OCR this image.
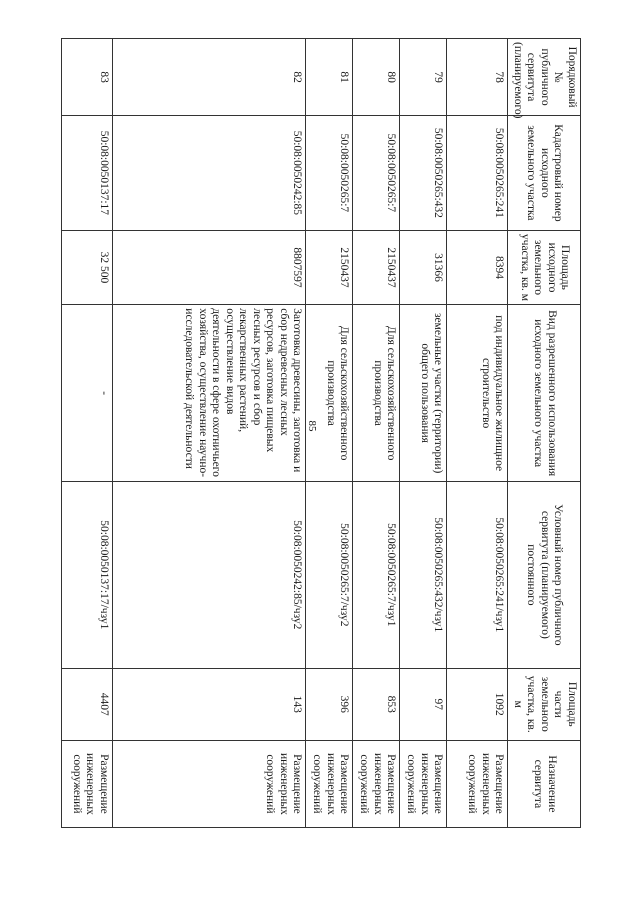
85
Порядковый № публичного сервитута (планируемого)	Кадастровый номер исходного земельного участка	Площадь исходного земельного участка, кв. м	Вид разрешенного использования исходного земельного участка	Условный номер публичного сервитута (планируемого) постоянного	Площадь части земельного участка, кв. м	Назначение сервитута
78	50:08:0050265:241	8394	под индивидуальное жилищное строительство	50:08:0050265:241/чзу1	1092	Размещение инженерных сооружений
79	50:08:0050265:432	31366	земельные участки (территории) общего пользования	50:08:0050265:432/чзу1	97	Размещение инженерных сооружений
80	50:08:0050265:7	2150437	Для сельскохозяйственного производства	50:08:0050265:7/чзу1	853	Размещение инженерных сооружений
81	50:08:0050265:7	2150437	Для сельскохозяйственного производства	50:08:0050265:7/чзу2	396	Размещение инженерных сооружений
82	50:08:0050242:85	8807597	Заготовка древесины, заготовка и сбор недревесных лесных ресурсов, заготовка пищевых лесных ресурсов и сбор лекарственных растений, осуществление видов деятельности в сфере охотничьего хозяйства, осуществление научно-исследовательской деятельности	50:08:0050242:85/чзу2	143	Размещение инженерных сооружений
83	50:08:0050137:17	32 500	-	50:08:0050137:17/чзу1	4407	Размещение инженерных сооружений
